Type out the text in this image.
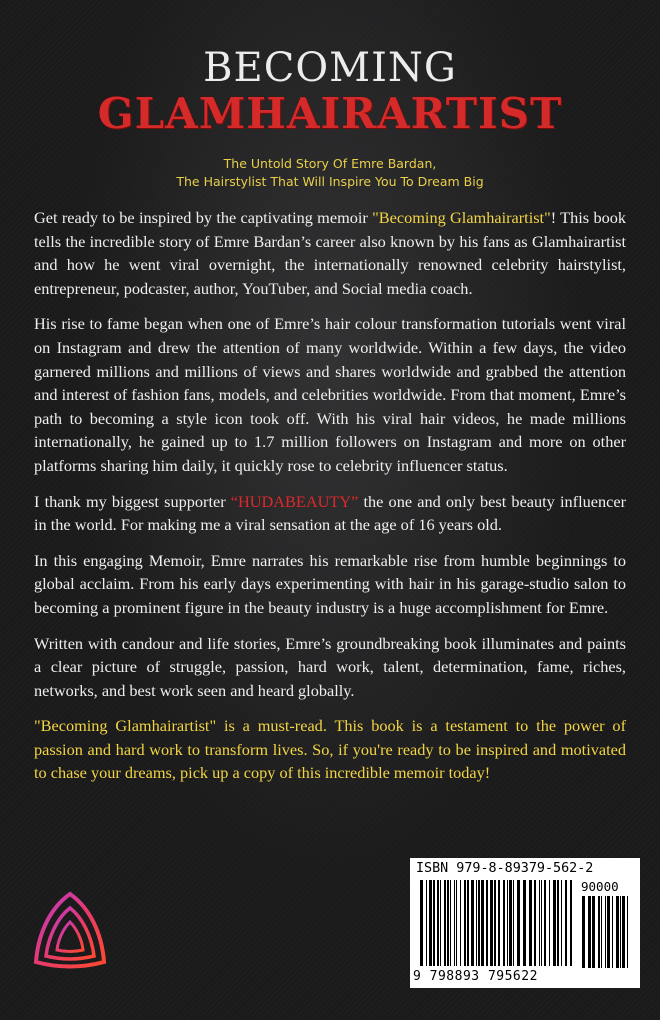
BECOMING
GLAMHAIRARTIST
The Untold Story Of Emre Bardan,
The Hairstylist That Will Inspire You To Dream Big

Get ready to be inspired by the captivating memoir "Becoming Glamhairartist"! This book tells the incredible story of Emre Bardan’s career also known by his fans as Glamhairartist and how he went viral overnight, the internationally renowned celebrity hairstylist, entrepreneur, podcaster, author, YouTuber, and Social media coach.

His rise to fame began when one of Emre’s hair colour transformation tutorials went viral on Instagram and drew the attention of many worldwide. Within a few days, the video garnered millions and millions of views and shares worldwide and grabbed the attention and interest of fashion fans, models, and celebrities worldwide. From that moment, Emre’s path to becoming a style icon took off. With his viral hair videos, he made millions internationally, he gained up to 1.7 million followers on Instagram and more on other platforms sharing him daily, it quickly rose to celebrity influencer status.

I thank my biggest supporter “HUDABEAUTY” the one and only best beauty influencer in the world. For making me a viral sensation at the age of 16 years old.

In this engaging Memoir, Emre narrates his remarkable rise from humble beginnings to global acclaim. From his early days experimenting with hair in his garage-studio salon to becoming a prominent figure in the beauty industry is a huge accomplishment for Emre.

Written with candour and life stories, Emre’s groundbreaking book illuminates and paints a clear picture of struggle, passion, hard work, talent, determination, fame, riches, networks, and best work seen and heard globally.

"Becoming Glamhairartist" is a must-read. This book is a testament to the power of passion and hard work to transform lives. So, if you're ready to be inspired and motivated to chase your dreams, pick up a copy of this incredible memoir today!

ISBN 979-8-89379-562-2
90000
9 798893 795622
